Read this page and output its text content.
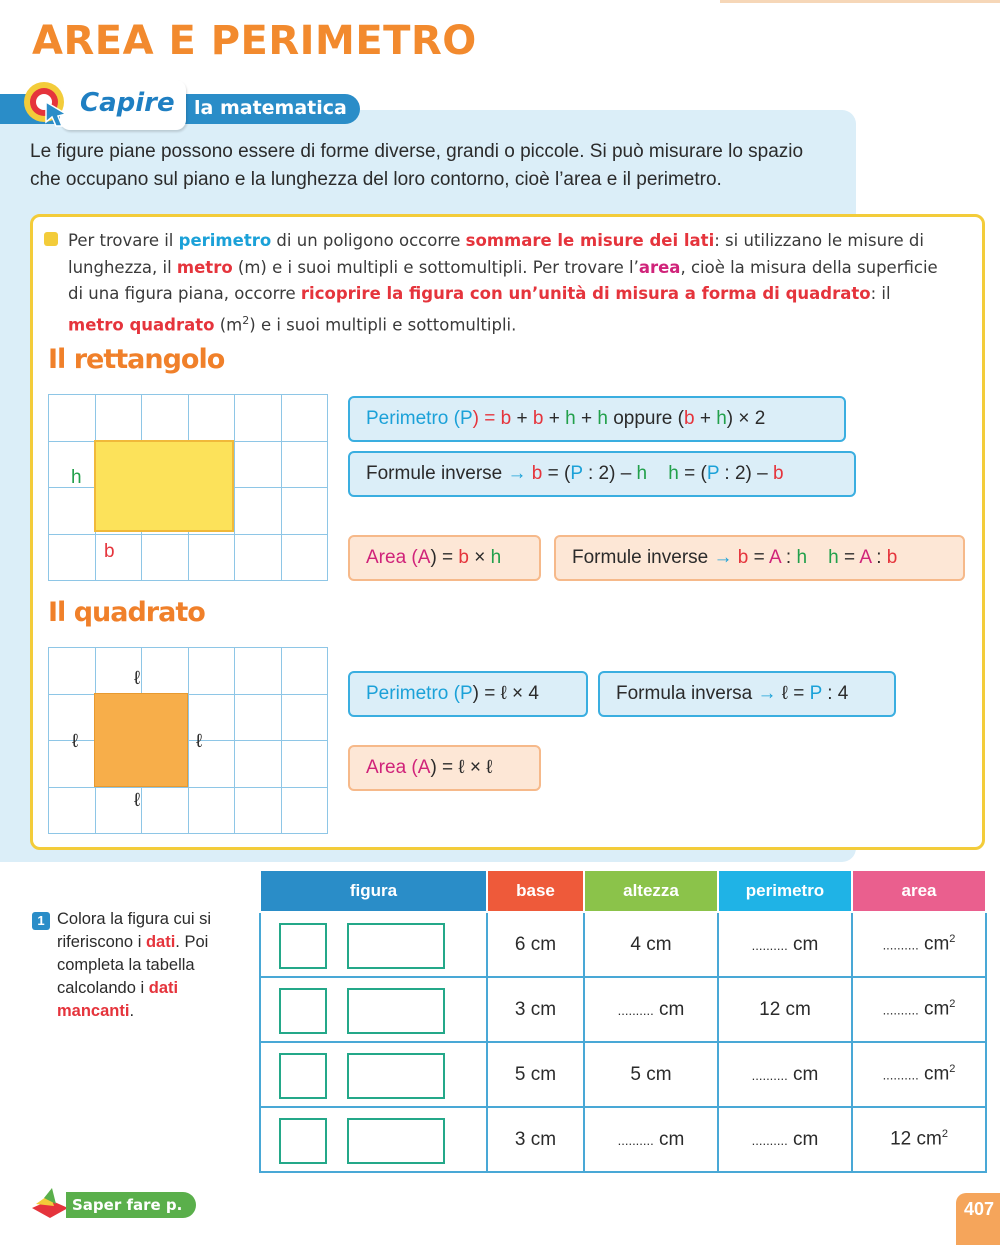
AREA E PERIMETRO
la matematica
Capire
Le figure piane possono essere di forme diverse, grandi o piccole. Si può misurare lo spazio
che occupano sul piano e la lunghezza del loro contorno, cioè l’area e il perimetro.
Per trovare il perimetro di un poligono occorre sommare le misure dei lati: si utilizzano le misure di lunghezza, il metro (m) e i suoi multipli e sottomultipli. Per trovare l’area, cioè la misura della superficie di una figura piana, occorre ricoprire la figura con un’unità di misura a forma di quadrato: il metro quadrato $(m^2)$ e i suoi multipli e sottomultipli.
Il rettangolo
h
b
Perimetro (P) = b + b + h + h oppure (b + h) × 2
Formule inverse → b = (P : 2) – h h = (P : 2) – b
Area (A) = b × h	Formule inverse → b = A : h h = A : b
Il quadrato
ℓ
ℓ	ℓ
ℓ
Perimetro (P) = ℓ × 4	Formula inversa → ℓ = P : 4
Area (A) = ℓ × ℓ
1 Colora la figura cui si riferiscono i dati. Poi completa la tabella calcolando i dati mancanti.
figura	base	altezza	perimetro	area

	6 cm	4 cm	.......... cm	.......... $cm^2$

	3 cm	.......... cm	12 cm	.......... $cm^2$

	5 cm	5 cm	.......... cm	.......... $cm^2$

	3 cm	.......... cm	.......... cm	12 $cm^2$
Saper fare p. 64
407
